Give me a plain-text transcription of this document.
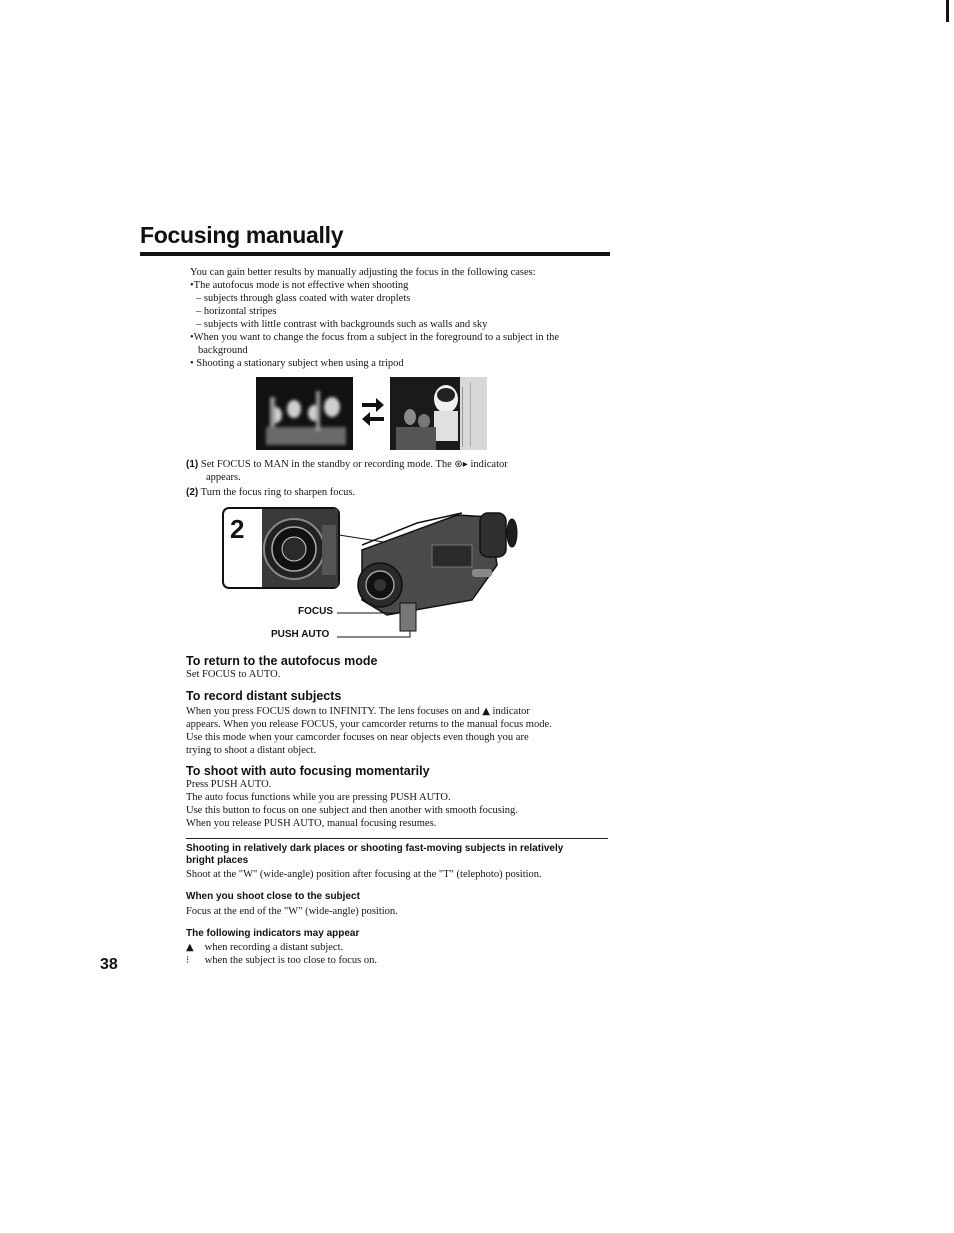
Focusing manually
You can gain better results by manually adjusting the focus in the following cases:
•The autofocus mode is not effective when shooting
– subjects through glass coated with water droplets
– horizontal stripes
– subjects with little contrast with backgrounds such as walls and sky
•When you want to change the focus from a subject in the foreground to a subject in the
background
• Shooting a stationary subject when using a tripod
(1) Set FOCUS to MAN in the standby or recording mode. The ⊛▸ indicator
appears.
(2) Turn the focus ring to sharpen focus.
2
FOCUS
PUSH AUTO
To return to the autofocus mode
Set FOCUS to AUTO.
To record distant subjects
When you press FOCUS down to INFINITY. The lens focuses on and ▲ indicator
appears. When you release FOCUS, your camcorder returns to the manual focus mode.
Use this mode when your camcorder focuses on near objects even though you are
trying to shoot a distant object.
To shoot with auto focusing momentarily
Press PUSH AUTO.
The auto focus functions while you are pressing PUSH AUTO.
Use this button to focus on one subject and then another with smooth focusing.
When you release PUSH AUTO, manual focusing resumes.
Shooting in relatively dark places or shooting fast-moving subjects in relatively
bright places
Shoot at the "W" (wide-angle) position after focusing at the "T" (telephoto) position.
When you shoot close to the subject
Focus at the end of the "W" (wide-angle) position.
The following indicators may appear
▲ when recording a distant subject.
⁝ when the subject is too close to focus on.
38
